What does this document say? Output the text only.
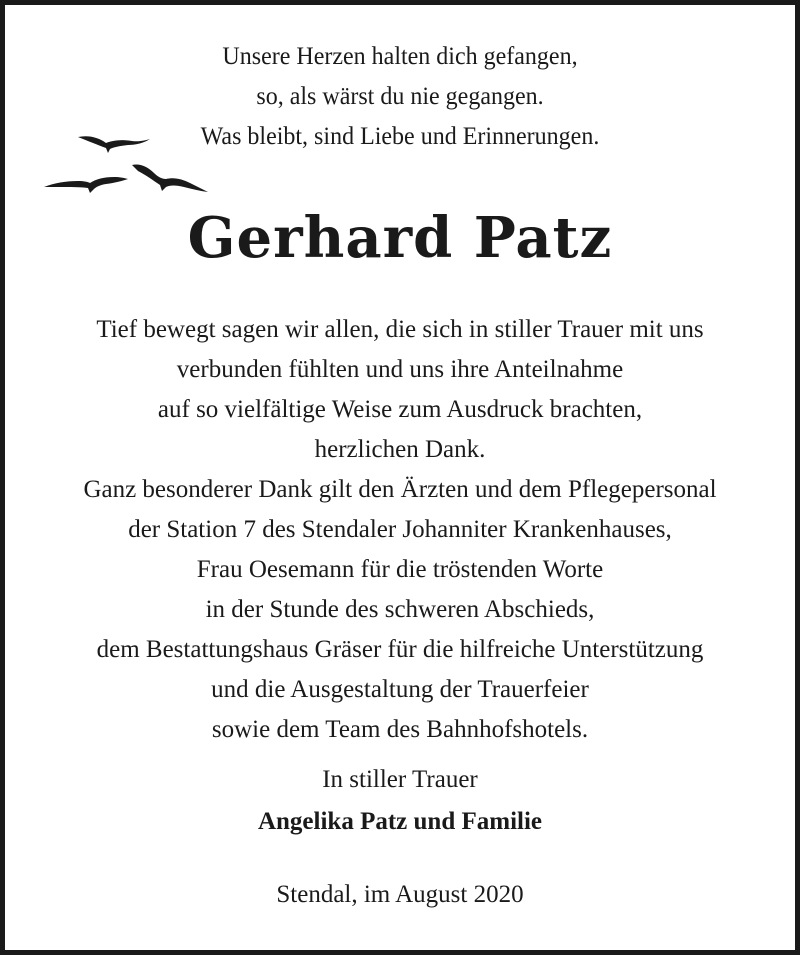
Unsere Herzen halten dich gefangen,
so, als wärst du nie gegangen.
Was bleibt, sind Liebe und Erinnerungen.
Gerhard Patz
Tief bewegt sagen wir allen, die sich in stiller Trauer mit uns
verbunden fühlten und uns ihre Anteilnahme
auf so vielfältige Weise zum Ausdruck brachten,
herzlichen Dank.
Ganz besonderer Dank gilt den Ärzten und dem Pflegepersonal
der Station 7 des Stendaler Johanniter Krankenhauses,
Frau Oesemann für die tröstenden Worte
in der Stunde des schweren Abschieds,
dem Bestattungshaus Gräser für die hilfreiche Unterstützung
und die Ausgestaltung der Trauerfeier
sowie dem Team des Bahnhofshotels.
In stiller Trauer
Angelika Patz und Familie
Stendal, im August 2020
